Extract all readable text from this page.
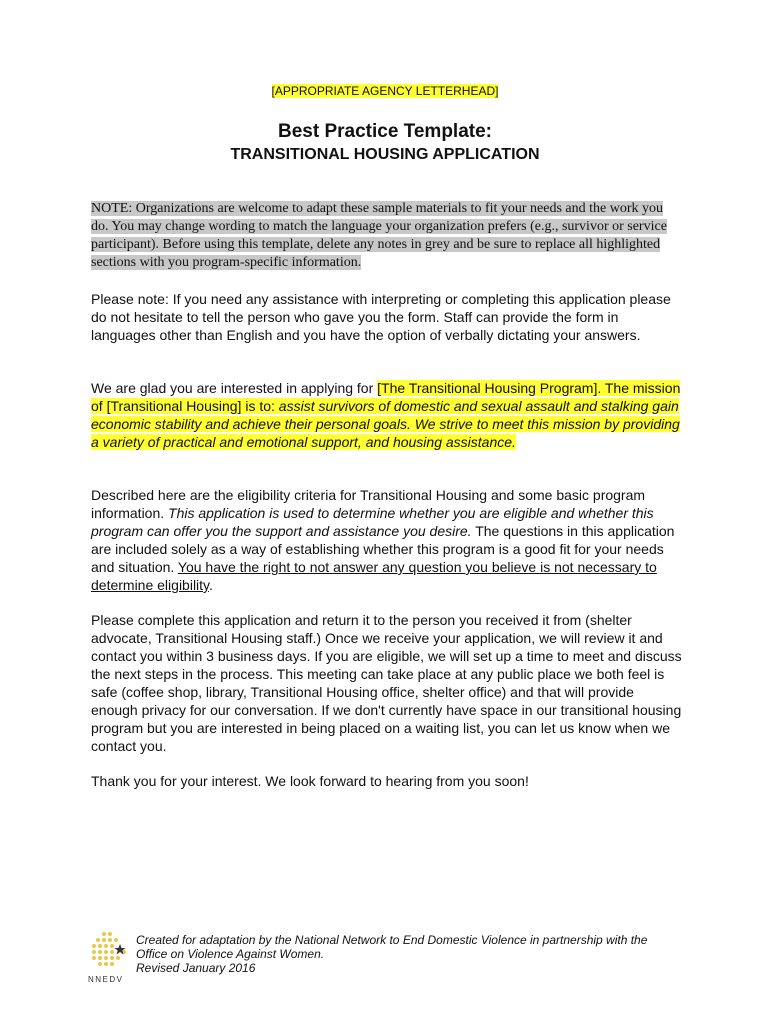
[APPROPRIATE AGENCY LETTERHEAD]
Best Practice Template:
TRANSITIONAL HOUSING APPLICATION
NOTE: Organizations are welcome to adapt these sample materials to fit your needs and the work you do. You may change wording to match the language your organization prefers (e.g., survivor or service participant). Before using this template, delete any notes in grey and be sure to replace all highlighted sections with you program-specific information.
Please note: If you need any assistance with interpreting or completing this application please do not hesitate to tell the person who gave you the form. Staff can provide the form in languages other than English and you have the option of verbally dictating your answers.
We are glad you are interested in applying for [The Transitional Housing Program]. The mission of [Transitional Housing] is to: assist survivors of domestic and sexual assault and stalking gain economic stability and achieve their personal goals. We strive to meet this mission by providing a variety of practical and emotional support, and housing assistance.
Described here are the eligibility criteria for Transitional Housing and some basic program information. This application is used to determine whether you are eligible and whether this program can offer you the support and assistance you desire. The questions in this application are included solely as a way of establishing whether this program is a good fit for your needs and situation. You have the right to not answer any question you believe is not necessary to determine eligibility.
Please complete this application and return it to the person you received it from (shelter advocate, Transitional Housing staff.) Once we receive your application, we will review it and contact you within 3 business days. If you are eligible, we will set up a time to meet and discuss the next steps in the process. This meeting can take place at any public place we both feel is safe (coffee shop, library, Transitional Housing office, shelter office) and that will provide enough privacy for our conversation. If we don't currently have space in our transitional housing program but you are interested in being placed on a waiting list, you can let us know when we contact you.
Thank you for your interest. We look forward to hearing from you soon!
NNEDV
Created for adaptation by the National Network to End Domestic Violence in partnership with the
Office on Violence Against Women.
Revised January 2016
